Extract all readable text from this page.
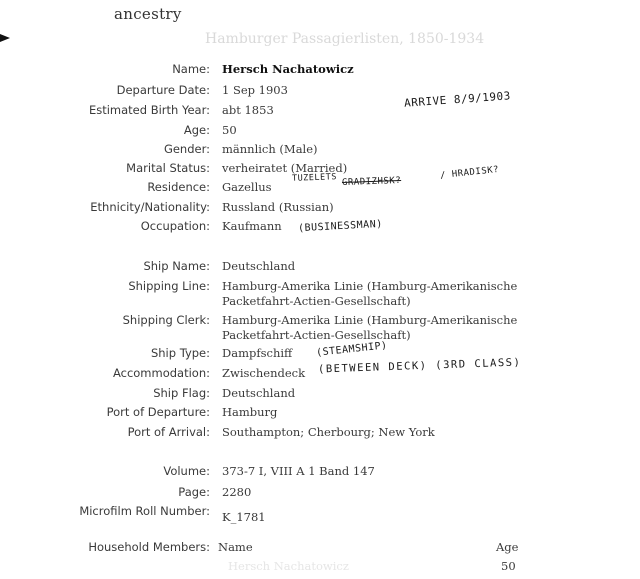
ancestry
Hamburger Passagierlisten, 1850-1934
Name: Hersch Nachatowicz
Departure Date: 1 Sep 1903
Estimated Birth Year: abt 1853
Age: 50
Gender: männlich (Male)
Marital Status: verheiratet (Married)
Residence: Gazellus
Ethnicity/Nationality: Russland (Russian)
Occupation: Kaufmann
Ship Name: Deutschland
Shipping Line: Hamburg-Amerika Linie (Hamburg-Amerikanische Packetfahrt-Actien-Gesellschaft)
Shipping Clerk: Hamburg-Amerika Linie (Hamburg-Amerikanische Packetfahrt-Actien-Gesellschaft)
Ship Type: Dampfschiff
Accommodation: Zwischendeck
Ship Flag: Deutschland
Port of Departure: Hamburg
Port of Arrival: Southampton; Cherbourg; New York
Volume: 373-7 I, VIII A 1 Band 147
Page: 2280
Microfilm Roll Number: K_1781
Household Members: Name	Age
Hersch Nachatowicz	50
ARRIVE 8/9/1903
TUZELETS GRADIZHSK?
/ HRADISK?
(BUSINESSMAN)
(STEAMSHIP)
(BETWEEN DECK) (3RD CLASS)
